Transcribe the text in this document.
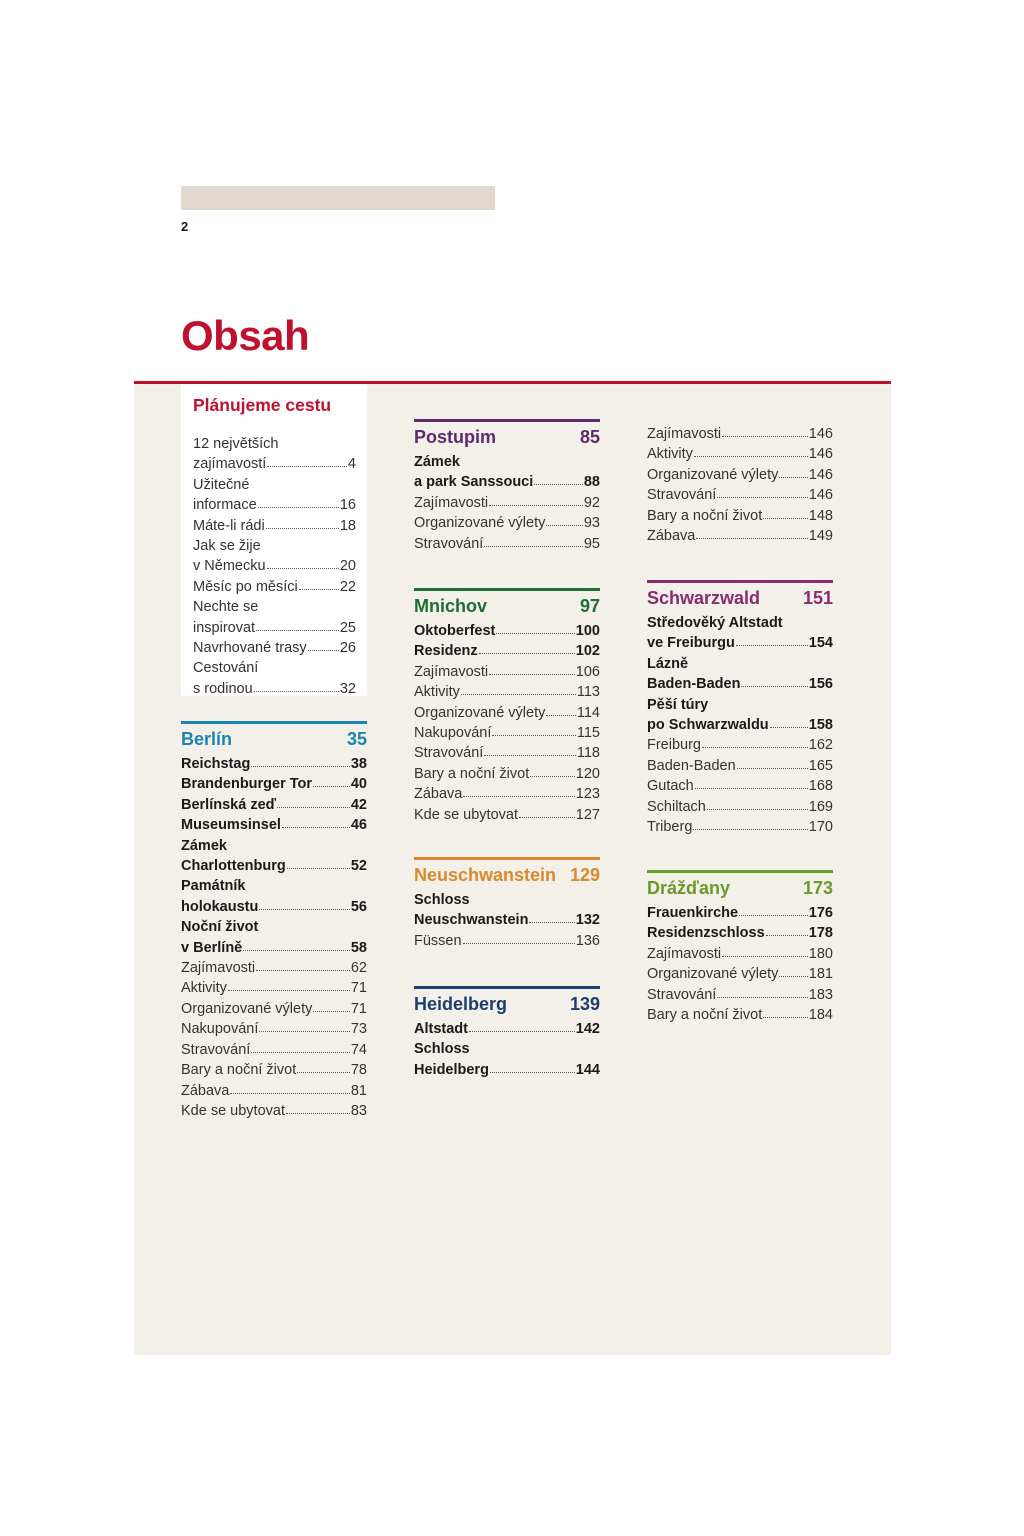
2
Obsah
Plánujeme cestu
12 největších
zajímavostí	4
Užitečné
informace	16
Máte-li rádi	18
Jak se žije
v Německu	20
Měsíc po měsíci	22
Nechte se
inspirovat	25
Navrhované trasy 26
Cestování
s rodinou	32
Berlín	35
Reichstag	38
Brandenburger Tor	40
Berlínská zeď	42
Museumsinsel	46
Zámek
Charlottenburg	52
Památník
holokaustu	56
Noční život
v Berlíně	58
Zajímavosti	62
Aktivity	71
Organizované výlety	71
Nakupování	73
Stravování	74
Bary a noční život	78
Zábava	81
Kde se ubytovat	83
Postupim	85
Zámek
a park Sanssouci	88
Zajímavosti	92
Organizované výlety	93
Stravování	95
Mnichov	97
Oktoberfest	100
Residenz	102
Zajímavosti	106
Aktivity	113
Organizované výlety 114
Nakupování	115
Stravování	118
Bary a noční život	120
Zábava	123
Kde se ubytovat	127
Neuschwanstein 129
Schloss
Neuschwanstein	132
Füssen	136
Heidelberg	139
Altstadt	142
Schloss
Heidelberg	144
Zajímavosti	146
Aktivity	146
Organizované výlety 146
Stravování	146
Bary a noční život	148
Zábava	149
Schwarzwald 151
Středověký Altstadt
ve Freiburgu	154
Lázně
Baden-Baden	156
Pěší túry
po Schwarzwaldu	158
Freiburg	162
Baden-Baden	165
Gutach	168
Schiltach	169
Triberg	170
Drážďany	173
Frauenkirche	176
Residenzschloss	178
Zajímavosti	180
Organizované výlety 181
Stravování	183
Bary a noční život	184
